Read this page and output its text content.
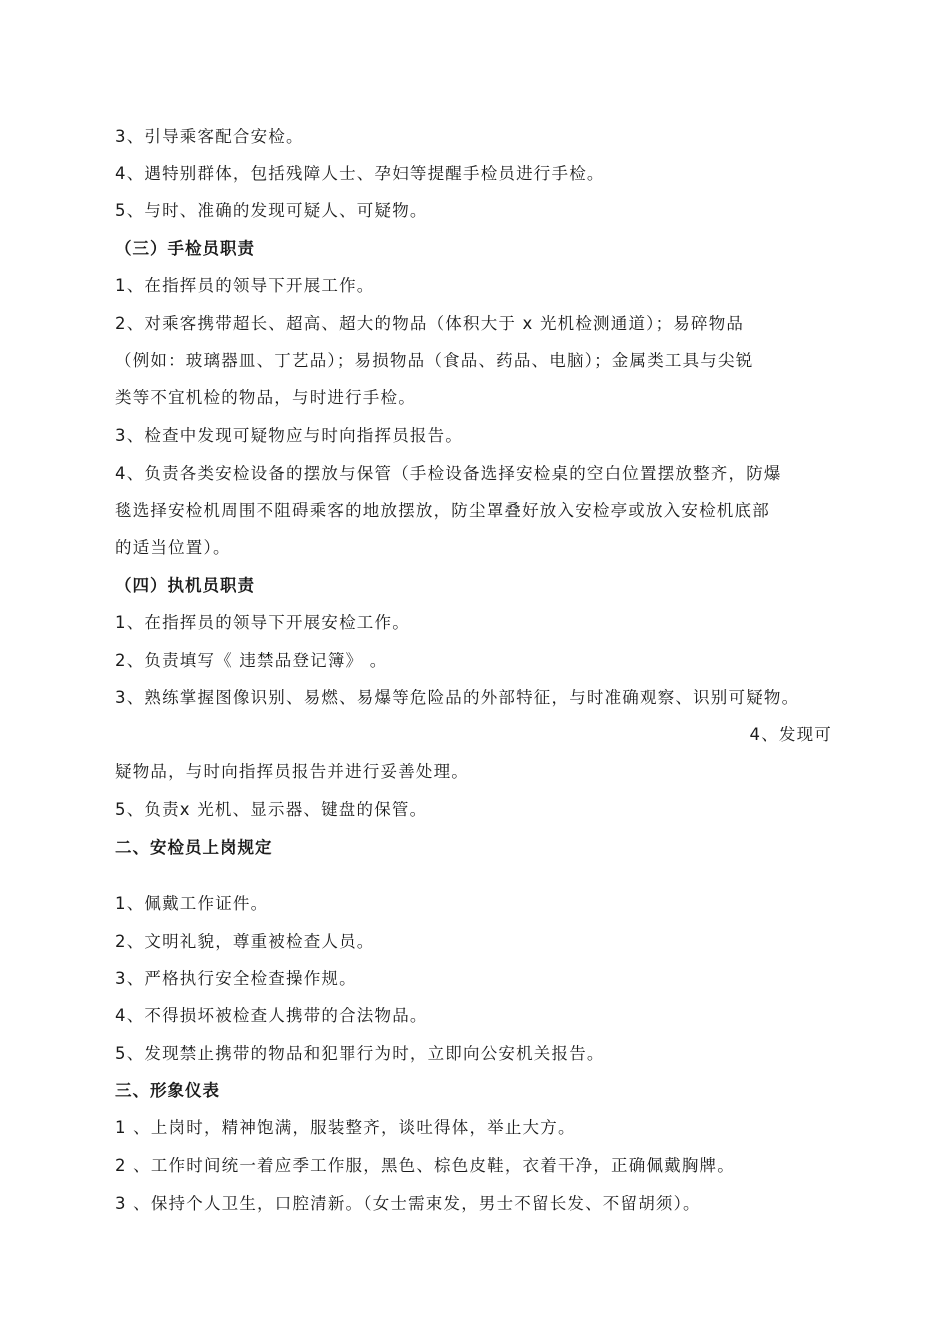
3、引导乘客配合安检。
4、遇特别群体，包括残障人士、孕妇等提醒手检员进行手检。
5、与时、准确的发现可疑人、可疑物。
（三）手检员职责
1、在指挥员的领导下开展工作。
2、对乘客携带超长、超高、超大的物品（体积大于 x 光机检测通道）；易碎物品
（例如：玻璃器皿、丁艺品）；易损物品（食品、药品、电脑）；金属类工具与尖锐
类等不宜机检的物品，与时进行手检。
3、检查中发现可疑物应与时向指挥员报告。
4、负责各类安检设备的摆放与保管（手检设备选择安检桌的空白位置摆放整齐，防爆
毯选择安检机周围不阻碍乘客的地放摆放，防尘罩叠好放入安检亭或放入安检机底部
的适当位置）。
（四）执机员职责
1、在指挥员的领导下开展安检工作。
2、负责填写《 违禁品登记簿》 。
3、熟练掌握图像识别、易燃、易爆等危险品的外部特征，与时准确观察、识别可疑物。
4、发现可
疑物品，与时向指挥员报告并进行妥善处理。
5、负责x 光机、显示器、键盘的保管。
二、安检员上岗规定
1、佩戴工作证件。
2、文明礼貌，尊重被检查人员。
3、严格执行安全检查操作规。
4、不得损坏被检查人携带的合法物品。
5、发现禁止携带的物品和犯罪行为时，立即向公安机关报告。
三、形象仪表
1 、上岗时，精神饱满，服装整齐，谈吐得体，举止大方。
2 、工作时间统一着应季工作服，黑色、棕色皮鞋，衣着干净，正确佩戴胸牌。
3 、保持个人卫生，口腔清新。（女士需束发，男士不留长发、不留胡须）。
